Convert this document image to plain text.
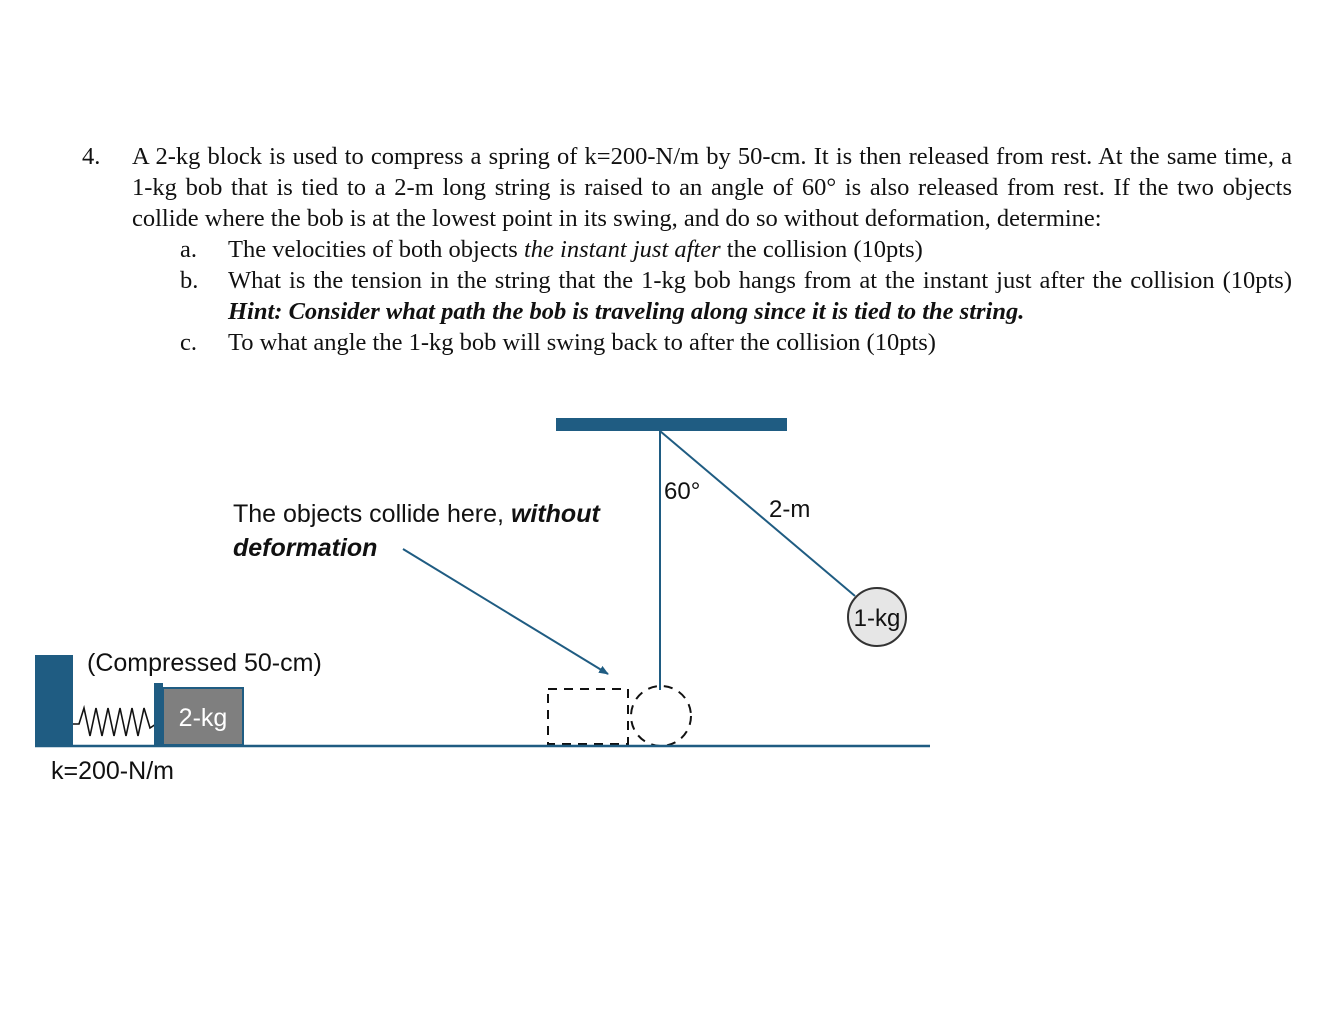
4. A 2-kg block is used to compress a spring of k=200-N/m by 50-cm. It is then released from rest. At the same time, a 1-kg bob that is tied to a 2-m long string is raised to an angle of 60° is also released from rest. If the two objects collide where the bob is at the lowest point in its swing, and do so without deformation, determine:
a. The velocities of both objects the instant just after the collision (10pts)
b. What is the tension in the string that the 1-kg bob hangs from at the instant just after the collision (10pts) Hint: Consider what path the bob is traveling along since it is tied to the string.
c. To what angle the 1-kg bob will swing back to after the collision (10pts)
1-kg
60°
2-m
The objects collide here, without
deformation
2-kg
(Compressed 50-cm)
k=200-N/m
